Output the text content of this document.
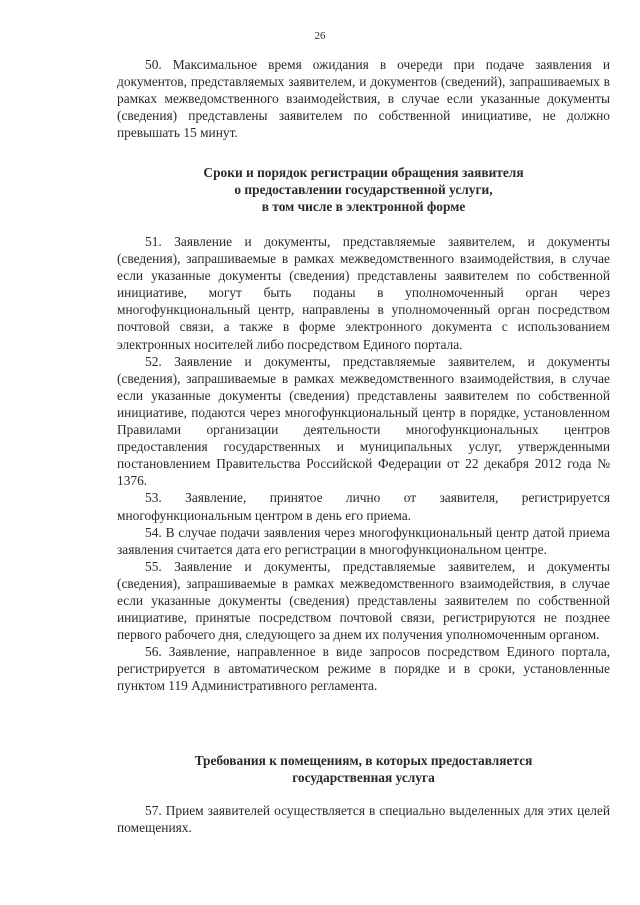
26

50. Максимальное время ожидания в очереди при подаче заявления и документов, представляемых заявителем, и документов (сведений), запрашиваемых в рамках межведомственного взаимодействия, в случае если указанные документы (сведения) представлены заявителем по собственной инициативе, не должно превышать 15 минут.

Сроки и порядок регистрации обращения заявителя
о предоставлении государственной услуги,
в том числе в электронной форме

51. Заявление и документы, представляемые заявителем, и документы (сведения), запрашиваемые в рамках межведомственного взаимодействия, в случае если указанные документы (сведения) представлены заявителем по собственной инициативе, могут быть поданы в уполномоченный орган через многофункциональный центр, направлены в уполномоченный орган посредством почтовой связи, а также в форме электронного документа с использованием электронных носителей либо посредством Единого портала.

52. Заявление и документы, представляемые заявителем, и документы (сведения), запрашиваемые в рамках межведомственного взаимодействия, в случае если указанные документы (сведения) представлены заявителем по собственной инициативе, подаются через многофункциональный центр в порядке, установленном Правилами организации деятельности многофункциональных центров предоставления государственных и муниципальных услуг, утвержденными постановлением Правительства Российской Федерации от 22 декабря 2012 года № 1376.

53. Заявление, принятое лично от заявителя, регистрируется многофункциональным центром в день его приема.

54. В случае подачи заявления через многофункциональный центр датой приема заявления считается дата его регистрации в многофункциональном центре.

55. Заявление и документы, представляемые заявителем, и документы (сведения), запрашиваемые в рамках межведомственного взаимодействия, в случае если указанные документы (сведения) представлены заявителем по собственной инициативе, принятые посредством почтовой связи, регистрируются не позднее первого рабочего дня, следующего за днем их получения уполномоченным органом.

56. Заявление, направленное в виде запросов посредством Единого портала, регистрируется в автоматическом режиме в порядке и в сроки, установленные пунктом 119 Административного регламента.

Требования к помещениям, в которых предоставляется
государственная услуга

57. Прием заявителей осуществляется в специально выделенных для этих целей помещениях.
